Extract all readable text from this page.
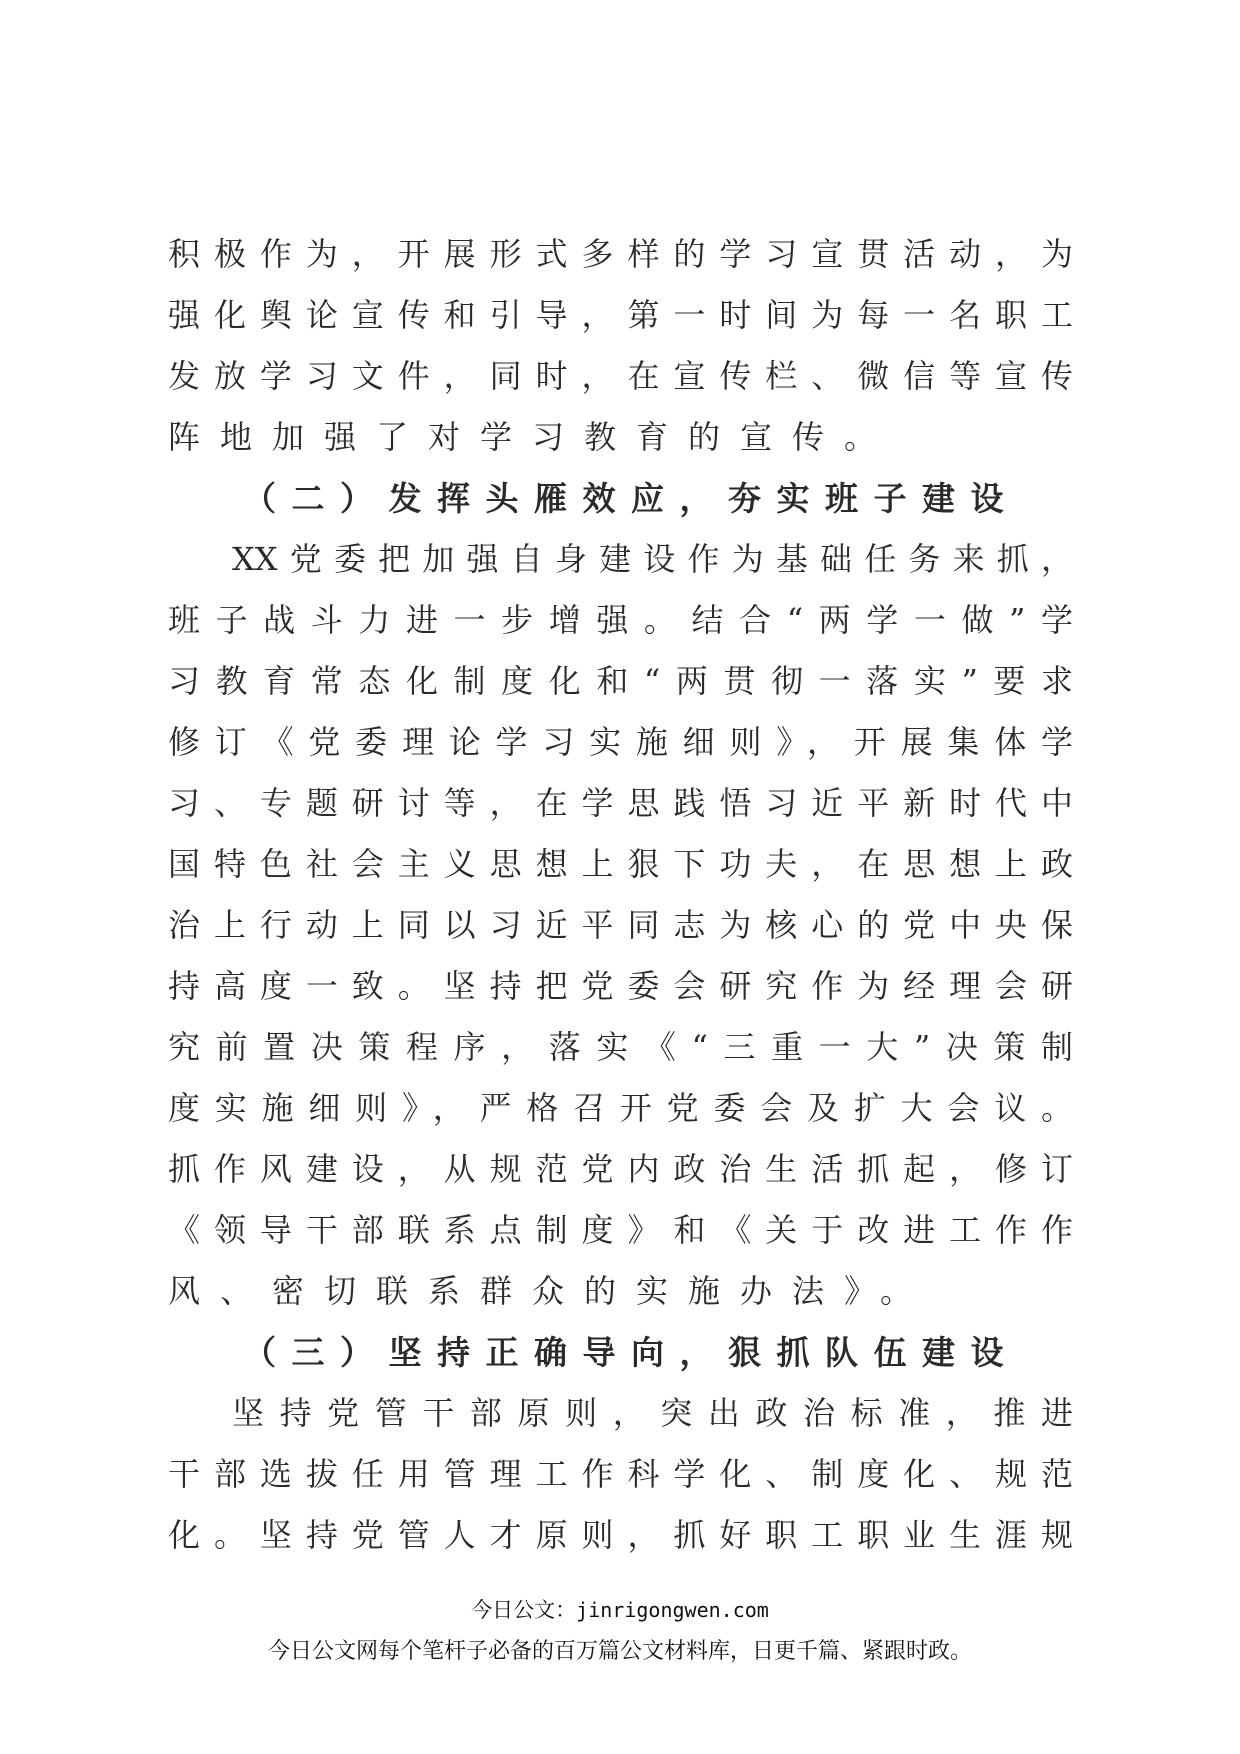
积极作为，开展形式多样的学习宣贯活动，为
强化舆论宣传和引导，第一时间为每一名职工
发放学习文件，同时，在宣传栏、微信等宣传
阵地加强了对学习教育的宣传。
（二）发挥头雁效应，夯实班子建设
XX党委把加强自身建设作为基础任务来抓，
班子战斗力进一步增强。结合“两学一做”学
习教育常态化制度化和“两贯彻一落实”要求
修订《党委理论学习实施细则》，开展集体学
习、专题研讨等，在学思践悟习近平新时代中
国特色社会主义思想上狠下功夫，在思想上政
治上行动上同以习近平同志为核心的党中央保
持高度一致。坚持把党委会研究作为经理会研
究前置决策程序，落实《“三重一大”决策制
度实施细则》，严格召开党委会及扩大会议。
抓作风建设，从规范党内政治生活抓起，修订
《领导干部联系点制度》和《关于改进工作作
风、密切联系群众的实施办法》。
（三）坚持正确导向，狠抓队伍建设
坚持党管干部原则，突出政治标准，推进
干部选拔任用管理工作科学化、制度化、规范
化。坚持党管人才原则，抓好职工职业生涯规
今日公文：jinrigongwen.com
今日公文网每个笔杆子必备的百万篇公文材料库，日更千篇、紧跟时政。
